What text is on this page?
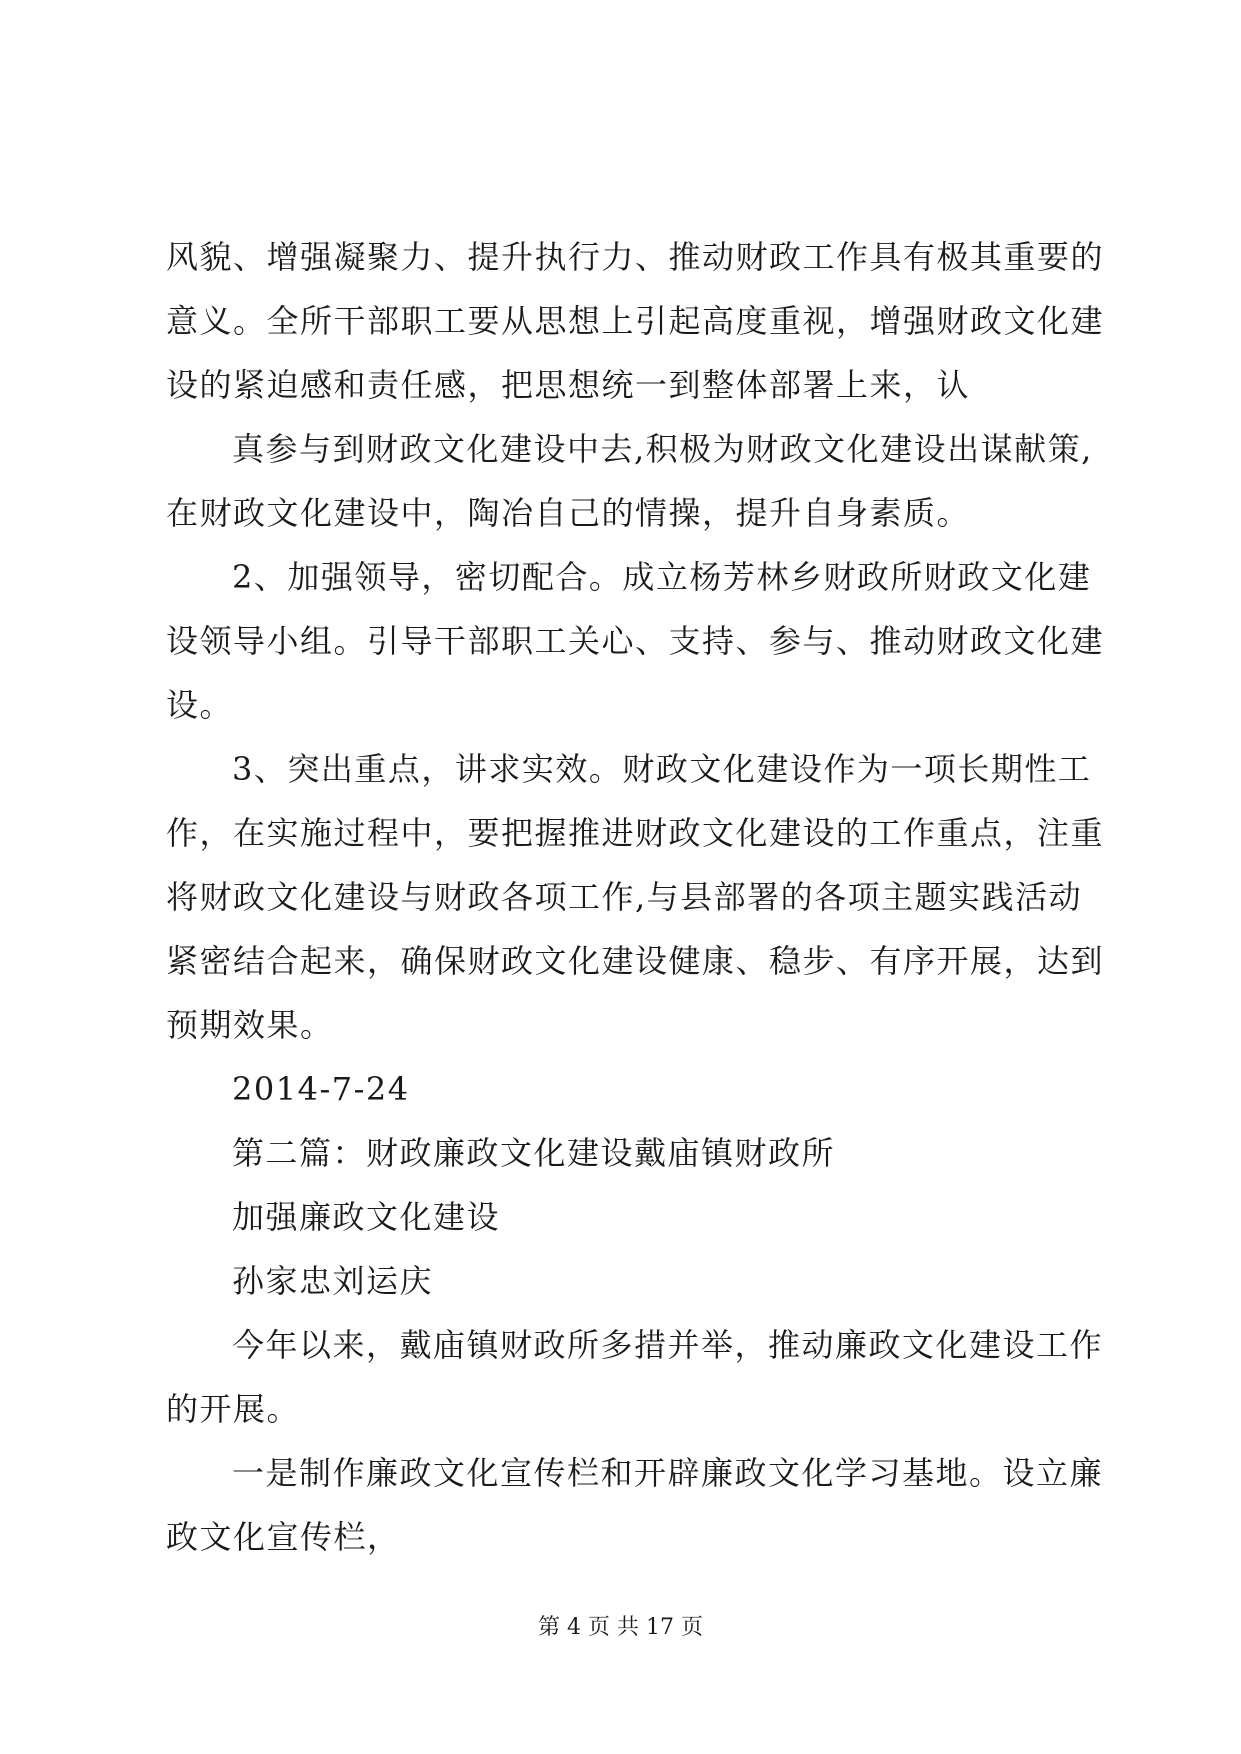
风貌、增强凝聚力、提升执行力、推动财政工作具有极其重要的
意义。全所干部职工要从思想上引起高度重视，增强财政文化建
设的紧迫感和责任感，把思想统一到整体部署上来，认
真参与到财政文化建设中去,积极为财政文化建设出谋献策,
在财政文化建设中，陶冶自己的情操，提升自身素质。
2、加强领导，密切配合。成立杨芳林乡财政所财政文化建
设领导小组。引导干部职工关心、支持、参与、推动财政文化建
设。
3、突出重点，讲求实效。财政文化建设作为一项长期性工
作，在实施过程中，要把握推进财政文化建设的工作重点，注重
将财政文化建设与财政各项工作,与县部署的各项主题实践活动
紧密结合起来，确保财政文化建设健康、稳步、有序开展，达到
预期效果。
2014-7-24
第二篇：财政廉政文化建设戴庙镇财政所
加强廉政文化建设
孙家忠刘运庆
今年以来，戴庙镇财政所多措并举，推动廉政文化建设工作
的开展。
一是制作廉政文化宣传栏和开辟廉政文化学习基地。设立廉
政文化宣传栏，
第 4 页 共 17 页
